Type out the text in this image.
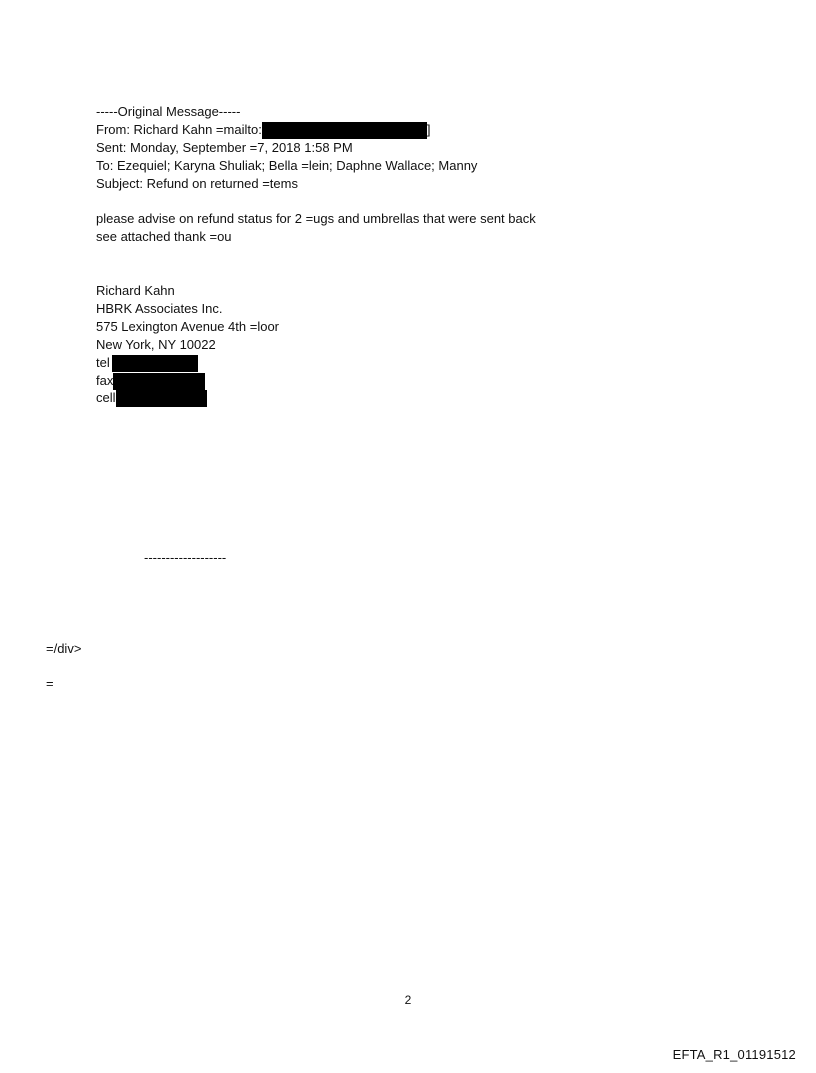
-----Original Message-----
From: Richard Kahn =mailto:	]
Sent: Monday, September =7, 2018 1:58 PM
To: Ezequiel; Karyna Shuliak; Bella =lein; Daphne Wallace; Manny
Subject: Refund on returned =tems
please advise on refund status for 2 =ugs and umbrellas that were sent back
see attached thank =ou
Richard Kahn
HBRK Associates Inc.
575 Lexington Avenue 4th =loor
New York, NY 10022
tel
fax
cell
-------------------
=/div>
=
2
EFTA_R1_01191512
